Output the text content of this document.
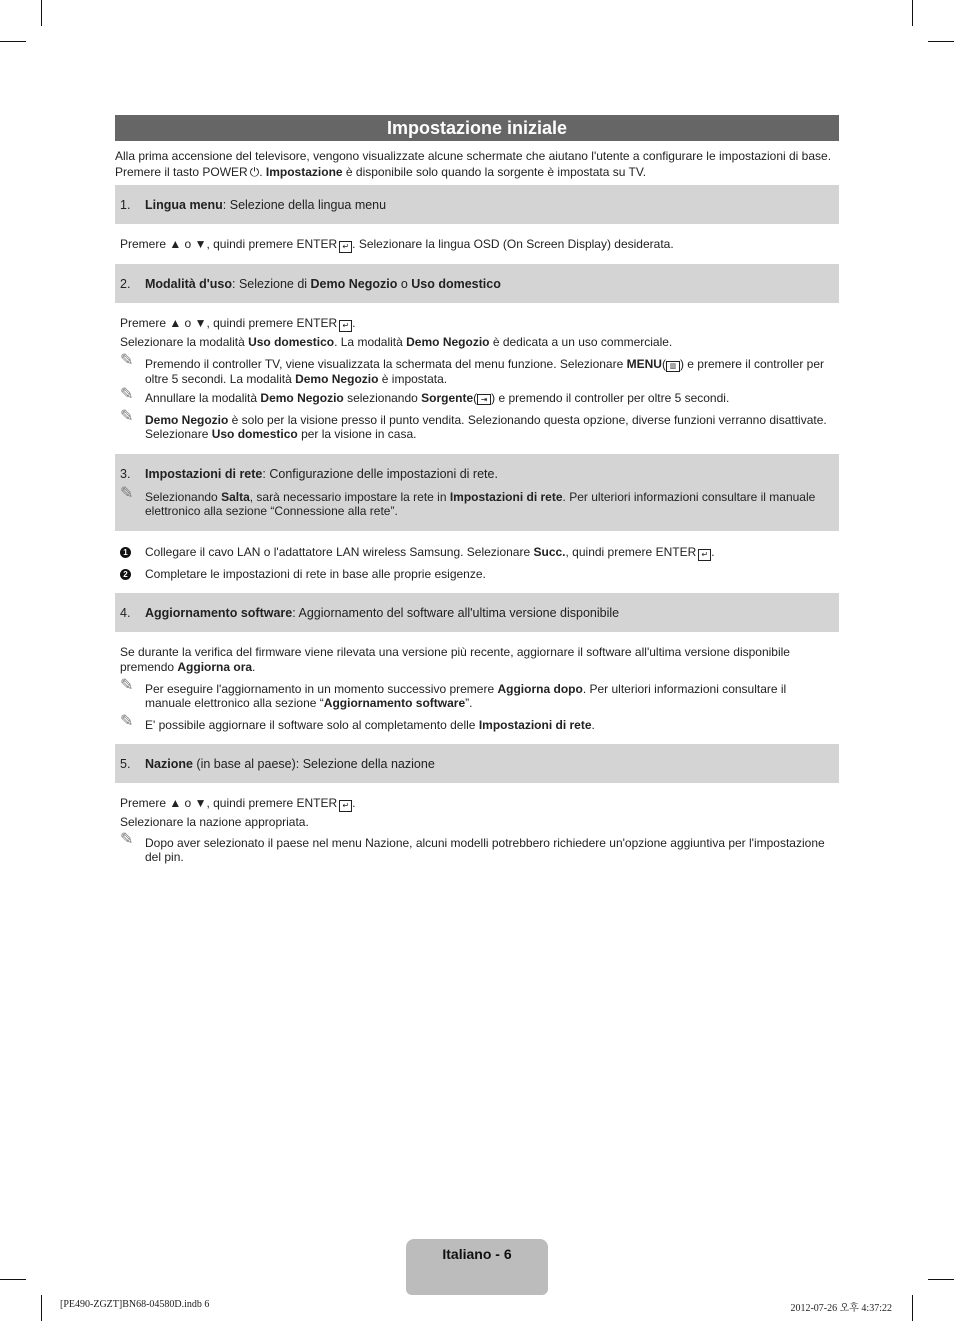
Impostazione iniziale
Alla prima accensione del televisore, vengono visualizzate alcune schermate che aiutano l'utente a configurare le impostazioni di base.
Premere il tasto POWER ⏻. Impostazione è disponibile solo quando la sorgente è impostata su TV.
1. Lingua menu: Selezione della lingua menu
Premere ▲ o ▼, quindi premere ENTER ↵ . Selezionare la lingua OSD (On Screen Display) desiderata.
2. Modalità d'uso: Selezione di Demo Negozio o Uso domestico
Premere ▲ o ▼, quindi premere ENTER ↵ .
Selezionare la modalità Uso domestico. La modalità Demo Negozio è dedicata a un uso commerciale.
✎ Premendo il controller TV, viene visualizzata la schermata del menu funzione. Selezionare MENU( ▥ ) e premere il controller per oltre 5 secondi. La modalità Demo Negozio è impostata.
✎ Annullare la modalità Demo Negozio selezionando Sorgente( ⇥ ) e premendo il controller per oltre 5 secondi.
✎ Demo Negozio è solo per la visione presso il punto vendita. Selezionando questa opzione, diverse funzioni verranno disattivate. Selezionare Uso domestico per la visione in casa.
3. Impostazioni di rete: Configurazione delle impostazioni di rete.
✎ Selezionando Salta, sarà necessario impostare la rete in Impostazioni di rete. Per ulteriori informazioni consultare il manuale elettronico alla sezione “Connessione alla rete”.
1 Collegare il cavo LAN o l'adattatore LAN wireless Samsung. Selezionare Succ., quindi premere ENTER ↵ .
2 Completare le impostazioni di rete in base alle proprie esigenze.
4. Aggiornamento software: Aggiornamento del software all'ultima versione disponibile
Se durante la verifica del firmware viene rilevata una versione più recente, aggiornare il software all'ultima versione disponibile premendo Aggiorna ora.
✎ Per eseguire l'aggiornamento in un momento successivo premere Aggiorna dopo. Per ulteriori informazioni consultare il manuale elettronico alla sezione “Aggiornamento software”.
✎ E' possibile aggiornare il software solo al completamento delle Impostazioni di rete.
5. Nazione (in base al paese): Selezione della nazione
Premere ▲ o ▼, quindi premere ENTER ↵ .
Selezionare la nazione appropriata.
✎ Dopo aver selezionato il paese nel menu Nazione, alcuni modelli potrebbero richiedere un'opzione aggiuntiva per l'impostazione del pin.
Italiano - 6
[PE490-ZGZT]BN68-04580D.indb 6	2012-07-26 오후 4:37:22
